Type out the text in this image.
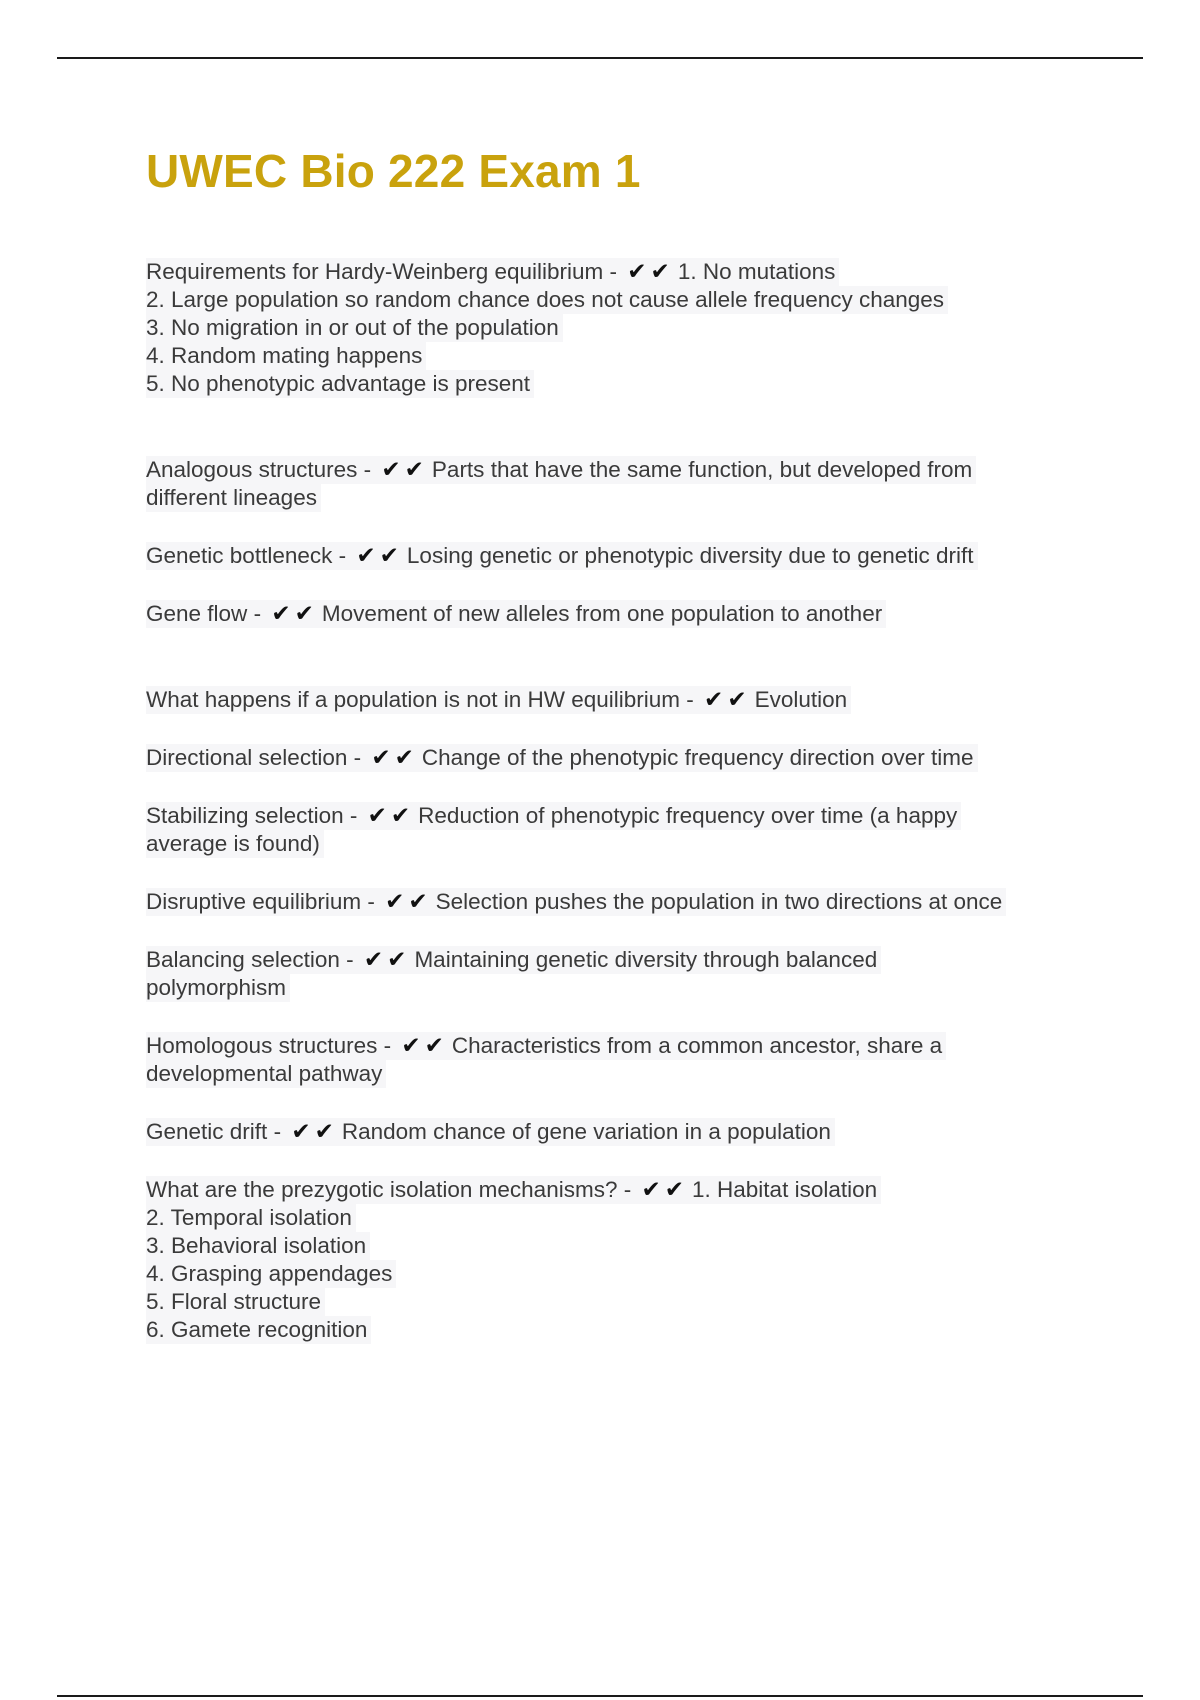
UWEC Bio 222 Exam 1
Requirements for Hardy-Weinberg equilibrium - ✔✔ 1. No mutations
2. Large population so random chance does not cause allele frequency changes
3. No migration in or out of the population
4. Random mating happens
5. No phenotypic advantage is present
Analogous structures - ✔✔ Parts that have the same function, but developed from
different lineages
Genetic bottleneck - ✔✔ Losing genetic or phenotypic diversity due to genetic drift
Gene flow - ✔✔ Movement of new alleles from one population to another
What happens if a population is not in HW equilibrium - ✔✔ Evolution
Directional selection - ✔✔ Change of the phenotypic frequency direction over time
Stabilizing selection - ✔✔ Reduction of phenotypic frequency over time (a happy
average is found)
Disruptive equilibrium - ✔✔ Selection pushes the population in two directions at once
Balancing selection - ✔✔ Maintaining genetic diversity through balanced
polymorphism
Homologous structures - ✔✔ Characteristics from a common ancestor, share a
developmental pathway
Genetic drift - ✔✔ Random chance of gene variation in a population
What are the prezygotic isolation mechanisms? - ✔✔ 1. Habitat isolation
2. Temporal isolation
3. Behavioral isolation
4. Grasping appendages
5. Floral structure
6. Gamete recognition
